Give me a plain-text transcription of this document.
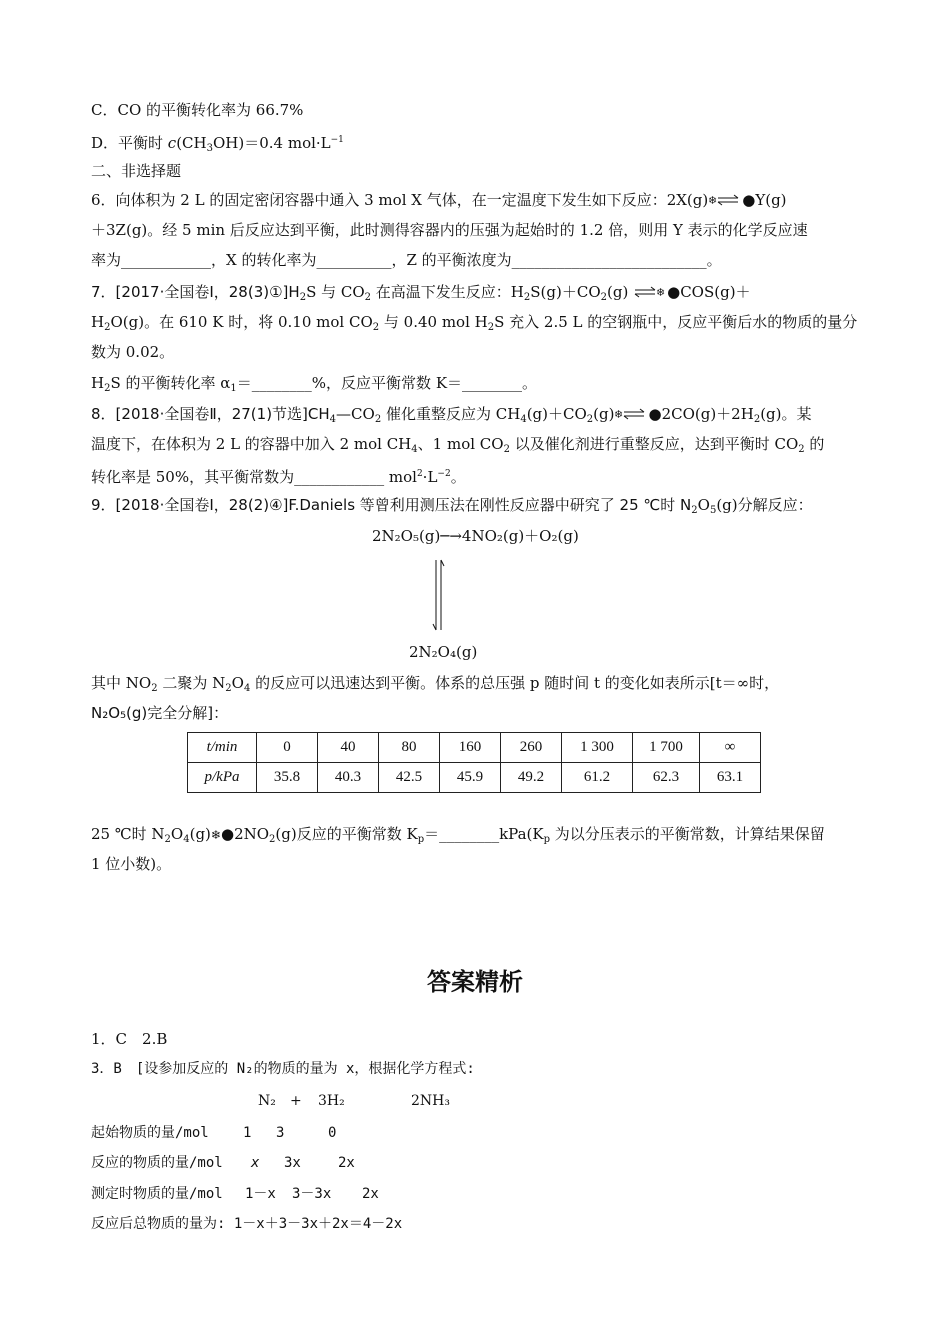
C．CO 的平衡转化率为 66.7%
D．平衡时 $c(CH_3OH)=0.4$ $mol\cdot L^{-1}$
二、非选择题
6．向体积为 2 L 的固定密闭容器中通入 3 mol X 气体，在一定温度下发生如下反应：2X(g) ❄ ●Y(g)
＋3Z(g)。经 5 min 后反应达到平衡，此时测得容器内的压强为起始时的 1.2 倍，则用 Y 表示的化学反应速
率为____________，X 的转化率为__________，Z 的平衡浓度为__________________________。
7．[2017·全国卷Ⅰ，$28(3)①]H_2S$ 与 $CO_2$ 在高温下发生反应：$H_2S(g)+CO_2(g)$	❄ ●COS(g)＋
$H_2O(g)$。在 610 K 时，将 0.10 mol $CO_2$ 与 0.40 mol $H_2S$ 充入 2.5 L 的空钢瓶中，反应平衡后水的物质的量分
数为 0.02。
$H_2S$ 的平衡转化率 $\alpha_1=\_\_\_\_\_\_\_\_\%$，反应平衡常数 K＝________。
8．[2018·全国卷Ⅱ，27(1)节选]$CH_4—CO_2$ 催化重整反应为 $CH_4(g)+CO_2(g)$ ❄ $●2CO(g)+2H_2(g)$。某
温度下，在体积为 2 L 的容器中加入 2 mol $CH_4$、1 mol $CO_2$ 以及催化剂进行重整反应，达到平衡时 $CO_2$ 的
转化率是 50%，其平衡常数为____________ $mol^2\cdot L^{-2}$。
9．[2018·全国卷Ⅰ，28(2)④]F.Daniels 等曾利用测压法在刚性反应器中研究了 25 ℃时 $N_2O_5(g)$分解反应：
2N₂O₅(g)─→4NO₂(g)＋O₂(g)
2N₂O₄(g)
其中 $NO_2$ 二聚为 $N_2O_4$ 的反应可以迅速达到平衡。体系的总压强 p 随时间 t 的变化如表所示[t＝∞时，
N₂O₅(g)完全分解]：
t/min	0	40	80	160	260	1 300	1 700	∞
p/kPa	35.8	40.3	42.5	45.9	49.2	61.2	62.3	63.1
25 ℃时 $N_2O_4(g)❄●2NO_2(g)$反应的平衡常数 $K_p=\_\_\_\_\_\_\_\_kPa(K_p$ 为以分压表示的平衡常数，计算结果保留
1 位小数)。
答案精析
1．C　2.B
3．B　[设参加反应的 N₂的物质的量为 x，根据化学方程式:
N₂ + 3H₂	2NH₃
起始物质的量/mol 1 3	0
反应的物质的量/mol x 3x	2x
测定时物质的量/mol 1－x 3－3x 2x
反应后总物质的量为: 1－x＋3－3x＋2x＝4－2x
